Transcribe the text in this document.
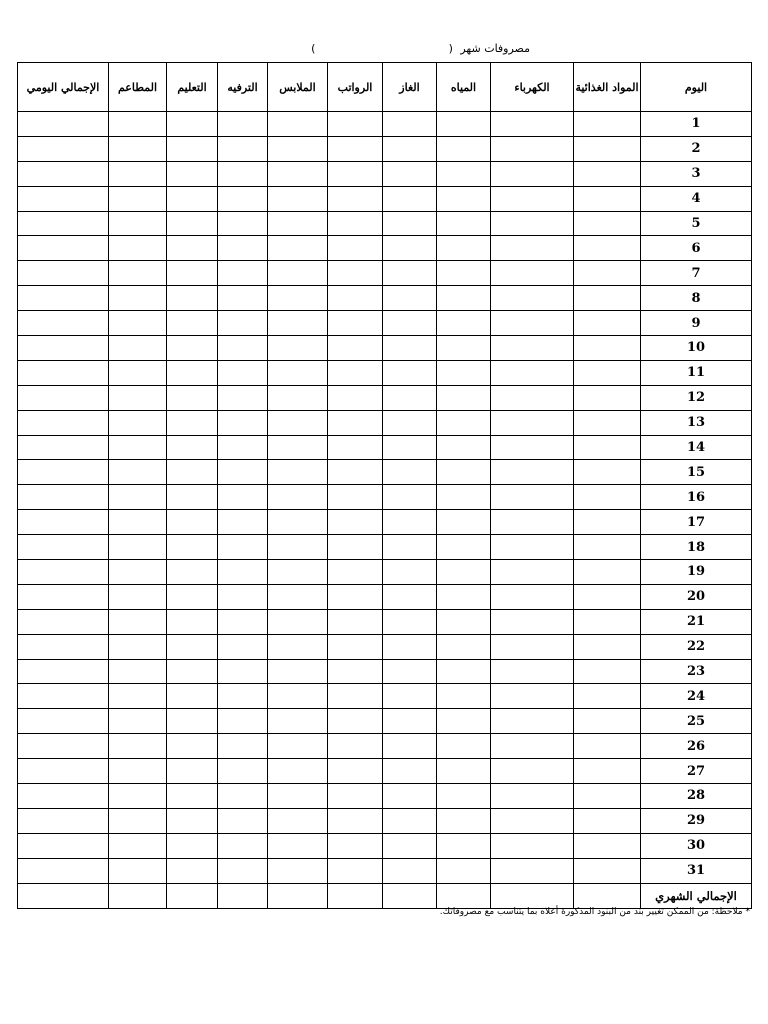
مصروفات شهر ( )
الإجمالي اليومي	المطاعم	التعليم	الترفيه	الملابس	الرواتب	الغاز	المياه	الكهرباء	المواد الغذائية	اليوم
										1
										2
										3
										4
										5
										6
										7
										8
										9
										10
										11
										12
										13
										14
										15
										16
										17
										18
										19
										20
										21
										22
										23
										24
										25
										26
										27
										28
										29
										30
										31
										الإجمالي الشهري
* ملاحظة: من الممكن تغيير بند من البنود المذكورة أعلاه بما يتناسب مع مصروفاتك.
